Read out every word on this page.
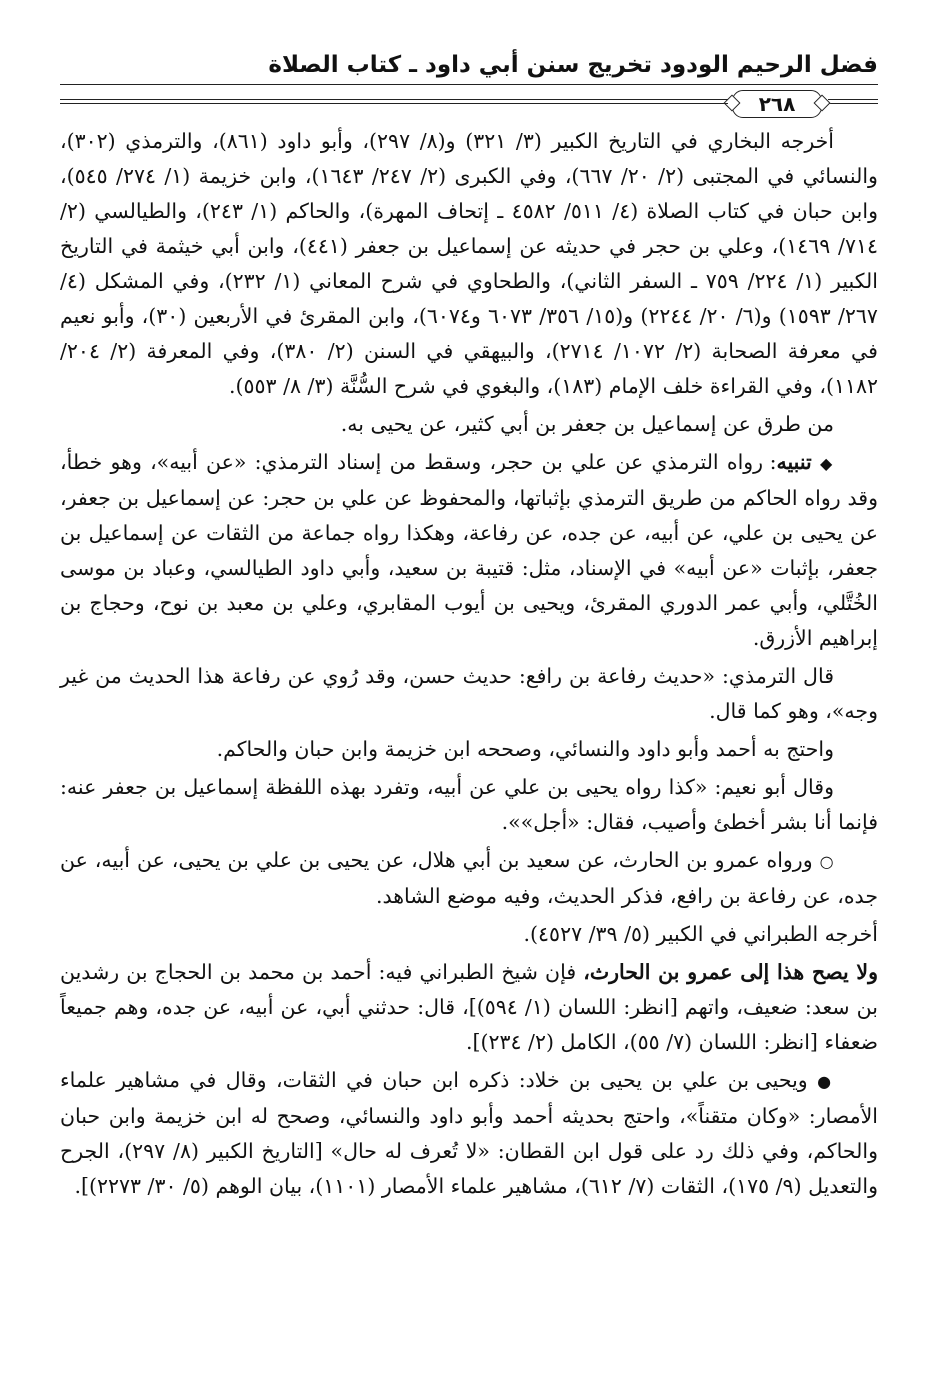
فضل الرحيم الودود تخريج سنن أبي داود ـ كتاب الصلاة
٢٦٨

أخرجه البخاري في التاريخ الكبير (٣/ ٣٢١) و(٨/ ٢٩٧)، وأبو داود (٨٦١)، والترمذي (٣٠٢)، والنسائي في المجتبى (٢/ ٢٠/ ٦٦٧)، وفي الكبرى (٢/ ٢٤٧/ ١٦٤٣)، وابن خزيمة (١/ ٢٧٤/ ٥٤٥)، وابن حبان في كتاب الصلاة (٤/ ٥١١/ ٤٥٨٢ ـ إتحاف المهرة)، والحاكم (١/ ٢٤٣)، والطيالسي (٢/ ٧١٤/ ١٤٦٩)، وعلي بن حجر في حديثه عن إسماعيل بن جعفر (٤٤١)، وابن أبي خيثمة في التاريخ الكبير (١/ ٢٢٤/ ٧٥٩ ـ السفر الثاني)، والطحاوي في شرح المعاني (١/ ٢٣٢)، وفي المشكل (٤/ ٢٦٧/ ١٥٩٣) و(٦/ ٢٠/ ٢٢٤٤) و(١٥/ ٣٥٦/ ٦٠٧٣ و٦٠٧٤)، وابن المقرئ في الأربعين (٣٠)، وأبو نعيم في معرفة الصحابة (٢/ ١٠٧٢/ ٢٧١٤)، والبيهقي في السنن (٢/ ٣٨٠)، وفي المعرفة (٢/ ٢٠٤/ ١١٨٢)، وفي القراءة خلف الإمام (١٨٣)، والبغوي في شرح السُّنَّة (٣/ ٨/ ٥٥٣).

من طرق عن إسماعيل بن جعفر بن أبي كثير، عن يحيى به.

◆ تنبيه: رواه الترمذي عن علي بن حجر، وسقط من إسناد الترمذي: «عن أبيه»، وهو خطأ، وقد رواه الحاكم من طريق الترمذي بإثباتها، والمحفوظ عن علي بن حجر: عن إسماعيل بن جعفر، عن يحيى بن علي، عن أبيه، عن جده، عن رفاعة، وهكذا رواه جماعة من الثقات عن إسماعيل بن جعفر، بإثبات «عن أبيه» في الإسناد، مثل: قتيبة بن سعيد، وأبي داود الطيالسي، وعباد بن موسى الخُتَّلي، وأبي عمر الدوري المقرئ، ويحيى بن أيوب المقابري، وعلي بن معبد بن نوح، وحجاج بن إبراهيم الأزرق.

قال الترمذي: «حديث رفاعة بن رافع: حديث حسن، وقد رُوي عن رفاعة هذا الحديث من غير وجه»، وهو كما قال.

واحتج به أحمد وأبو داود والنسائي، وصححه ابن خزيمة وابن حبان والحاكم.

وقال أبو نعيم: «كذا رواه يحيى بن علي عن أبيه، وتفرد بهذه اللفظة إسماعيل بن جعفر عنه: فإنما أنا بشر أخطئ وأصيب، فقال: «أجل»».

○ ورواه عمرو بن الحارث، عن سعيد بن أبي هلال، عن يحيى بن علي بن يحيى، عن أبيه، عن جده، عن رفاعة بن رافع، فذكر الحديث، وفيه موضع الشاهد.

أخرجه الطبراني في الكبير (٥/ ٣٩/ ٤٥٢٧).

ولا يصح هذا إلى عمرو بن الحارث، فإن شيخ الطبراني فيه: أحمد بن محمد بن الحجاج بن رشدين بن سعد: ضعيف، واتهم [انظر: اللسان (١/ ٥٩٤)]، قال: حدثني أبي، عن أبيه، عن جده، وهم جميعاً ضعفاء [انظر: اللسان (٧/ ٥٥)، الكامل (٢/ ٢٣٤)].

● ويحيى بن علي بن يحيى بن خلاد: ذكره ابن حبان في الثقات، وقال في مشاهير علماء الأمصار: «وكان متقناً»، واحتج بحديثه أحمد وأبو داود والنسائي، وصحح له ابن خزيمة وابن حبان والحاكم، وفي ذلك رد على قول ابن القطان: «لا تُعرف له حال» [التاريخ الكبير (٨/ ٢٩٧)، الجرح والتعديل (٩/ ١٧٥)، الثقات (٧/ ٦١٢)، مشاهير علماء الأمصار (١١٠١)، بيان الوهم (٥/ ٣٠/ ٢٢٧٣)].
